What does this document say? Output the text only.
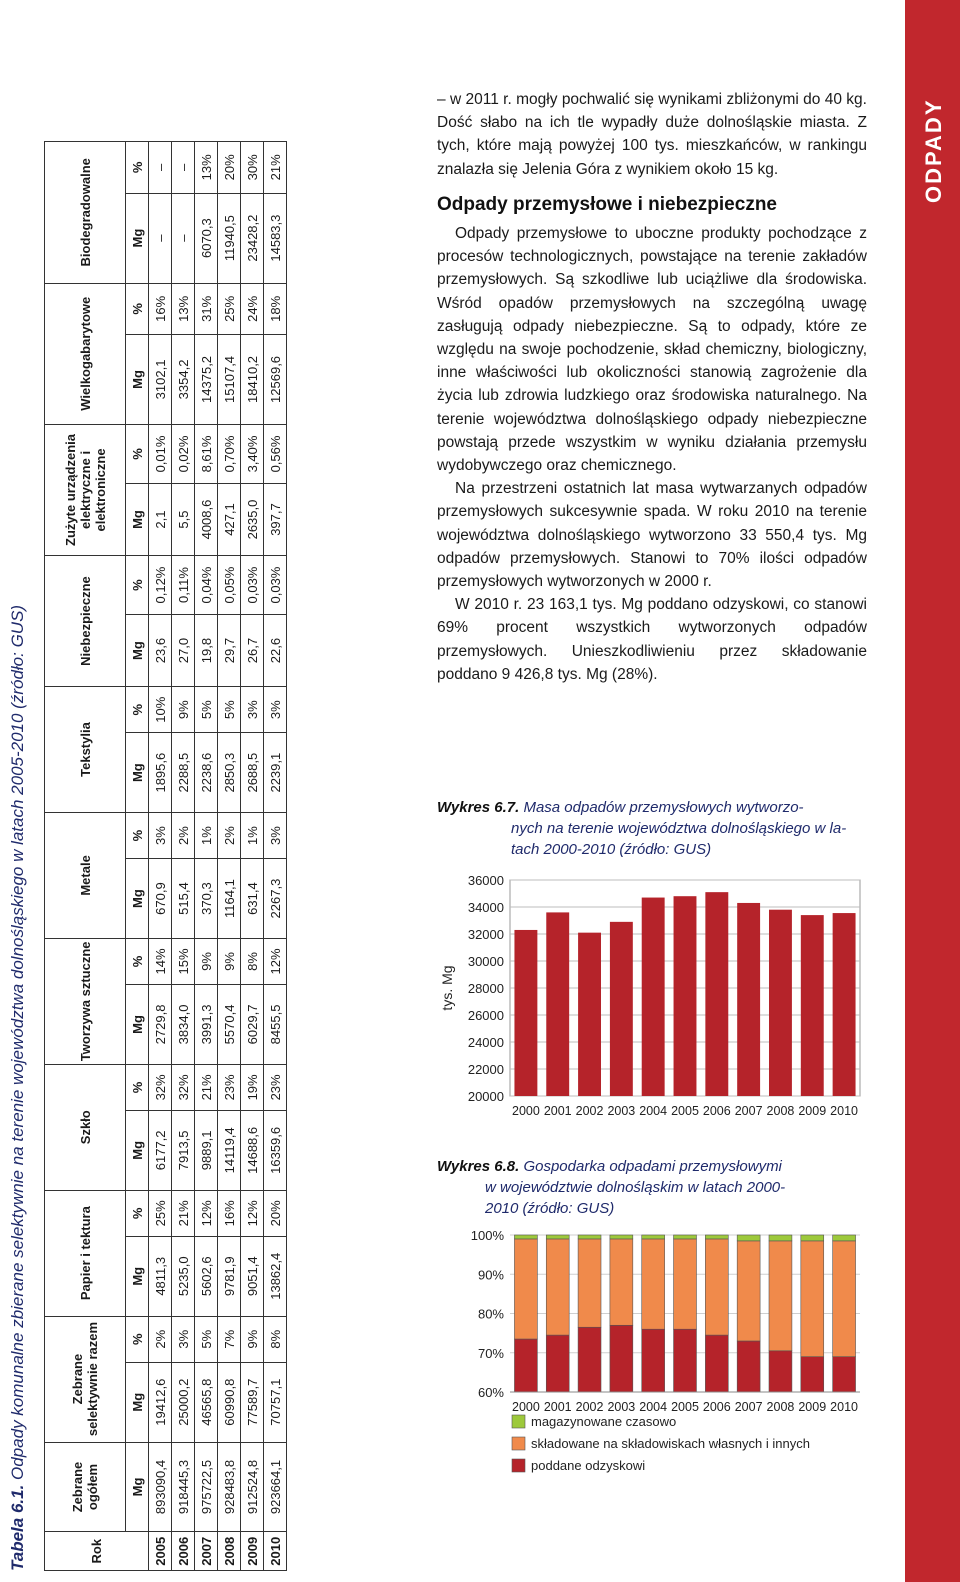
Tabela 6.1. Odpady komunalne zbierane selektywnie na terenie województwa dolnośląskiego w latach 2005-2010 (źródło: GUS)
Rok	Zebrane ogółem	Zebrane selektywnie razem		Papier i tektura		Szkło		Tworzywa sztuczne		Metale		Tekstylia		Niebezpieczne		Zużyte urządzenia elektryczne i elektroniczne		Wielkogabarytowe		Biodegradowalne	
	Mg	Mg	%	Mg	%	Mg	%	Mg	%	Mg	%	Mg	%	Mg	%	Mg	%	Mg	%	Mg	%
2005	893090,4	19412,6	2%	4811,3	25%	6177,2	32%	2729,8	14%	670,9	3%	1895,6	10%	23,6	0,12%	2,1	0,01%	3102,1	16%	–	–
2006	918445,3	25000,2	3%	5235,0	21%	7913,5	32%	3834,0	15%	515,4	2%	2288,5	9%	27,0	0,11%	5,5	0,02%	3354,2	13%	–	–
2007	975722,5	46565,8	5%	5602,6	12%	9889,1	21%	3991,3	9%	370,3	1%	2238,6	5%	19,8	0,04%	4008,6	8,61%	14375,2	31%	6070,3	13%
2008	928483,8	60990,8	7%	9781,9	16%	14119,4	23%	5570,4	9%	1164,1	2%	2850,3	5%	29,7	0,05%	427,1	0,70%	15107,4	25%	11940,5	20%
2009	912524,8	77589,7	9%	9051,4	12%	14688,6	19%	6029,7	8%	631,4	1%	2688,5	3%	26,7	0,03%	2635,0	3,40%	18410,2	24%	23428,2	30%
2010	923664,1	70757,1	8%	13862,4	20%	16359,6	23%	8455,5	12%	2267,3	3%	2239,1	3%	22,6	0,03%	397,7	0,56%	12569,6	18%	14583,3	21%	ODPADY

– w 2011 r. mogły pochwalić się wynikami zbliżonymi do 40 kg. Dość słabo na ich tle wypadły duże dolnośląskie miasta. Z tych, które mają powyżej 100 tys. mieszkańców, w rankingu znalazła się Jelenia Góra z wynikiem około 15 kg.

Odpady przemysłowe i niebezpieczne

Odpady przemysłowe to uboczne produkty pochodzące z procesów technologicznych, powstające na terenie zakładów przemysłowych. Są szkodliwe lub uciążliwe dla środowiska. Wśród opadów przemysłowych na szczególną uwagę zasługują odpady niebezpieczne. Są to odpady, które ze względu na swoje pochodzenie, skład chemiczny, biologiczny, inne właściwości lub okoliczności stanowią zagrożenie dla życia lub zdrowia ludzkiego oraz środowiska naturalnego. Na terenie województwa dolnośląskiego odpady niebezpieczne powstają przede wszystkim w wyniku działania przemysłu wydobywczego oraz chemicznego.

Na przestrzeni ostatnich lat masa wytwarzanych odpadów przemysłowych sukcesywnie spada. W roku 2010 na terenie województwa dolnośląskiego wytworzono 33 550,4 tys. Mg odpadów przemysłowych. Stanowi to 70% ilości odpadów przemysłowych wytworzonych w 2000 r.

W 2010 r. 23 163,1 tys. Mg poddano odzyskowi, co stanowi 69% procent wszystkich wytworzonych odpadów przemysłowych. Unieszkodliwieniu przez składowanie poddano 9 426,8 tys. Mg (28%).

Wykres 6.7. Masa odpadów przemysłowych wytworzo-
nych na terenie województwa dolnośląskiego w la-
tach 2000-2010 (źródło: GUS)
20000
22000
24000
26000
28000
30000
32000
34000
36000
tys. Mg
2000 2001 2002 2003 2004 2005 2006 2007 2008 2009 2010
Wykres 6.8. Gospodarka odpadami przemysłowymi
w województwie dolnośląskim w latach 2000-
2010 (źródło: GUS)
60%
70%
80%
90%
100%
2000 2001 2002 2003 2004 2005 2006 2007 2008 2009 2010
magazynowane czasowo
składowane na składowiskach własnych i innych
poddane odzyskowi
